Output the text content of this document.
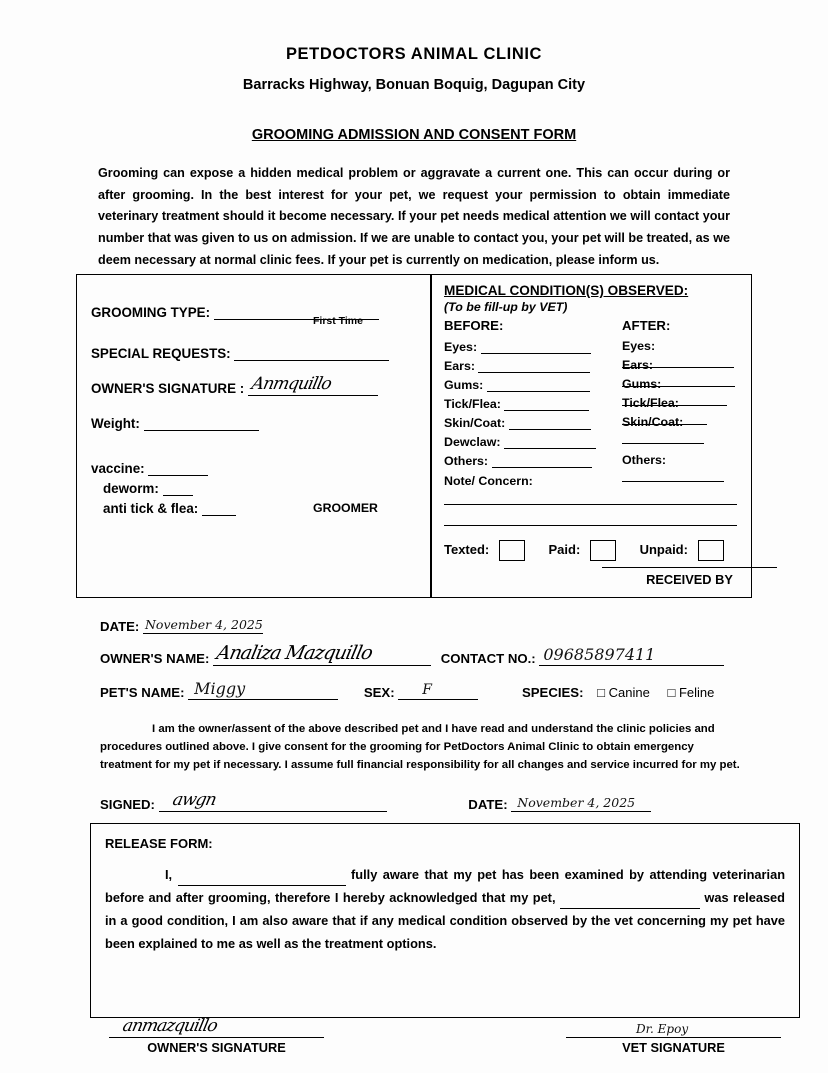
PETDOCTORS ANIMAL CLINIC
Barracks Highway, Bonuan Boquig, Dagupan City
GROOMING ADMISSION AND CONSENT FORM
Grooming can expose a hidden medical problem or aggravate a current one. This can occur during or after grooming. In the best interest for your pet, we request your permission to obtain immediate veterinary treatment should it become necessary. If your pet needs medical attention we will contact your number that was given to us on admission. If we are unable to contact you, your pet will be treated, as we deem necessary at normal clinic fees. If your pet is currently on medication, please inform us.
GROOMING TYPE:
First Time
SPECIAL REQUESTS:
OWNER'S SIGNATURE : Anmquillo
Weight:
vaccine:
deworm:
anti tick & flea:	GROOMER
MEDICAL CONDITION(S) OBSERVED:
(To be fill-up by VET)
BEFORE:	AFTER:
Eyes:	Eyes:
Ears:	Ears:
Gums:	Gums:
Tick/Flea:	Tick/Flea:
Skin/Coat:	Skin/Coat:
Dewclaw:
Others:	Others:
Note/ Concern:
Texted:	Paid:	Unpaid:
RECEIVED BY
DATE: November 4, 2025
OWNER'S NAME: Analiza Mazquillo	CONTACT NO.: 09685897411
PET'S NAME: Miggy	SEX: F	SPECIES: □ Canine □ Feline
I am the owner/assent of the above described pet and I have read and understand the clinic policies and procedures outlined above. I give consent for the grooming for PetDoctors Animal Clinic to obtain emergency treatment for my pet if necessary. I assume full financial responsibility for all changes and service incurred for my pet.
SIGNED: awgn	DATE: November 4, 2025
RELEASE FORM:
I,	fully aware that my pet has been examined by attending veterinarian before and after grooming, therefore I hereby acknowledged that my pet,	was released in a good condition, I am also aware that if any medical condition observed by the vet concerning my pet have been explained to me as well as the treatment options.
anmazquillo
OWNER'S SIGNATURE
Dr. Epoy
VET SIGNATURE
